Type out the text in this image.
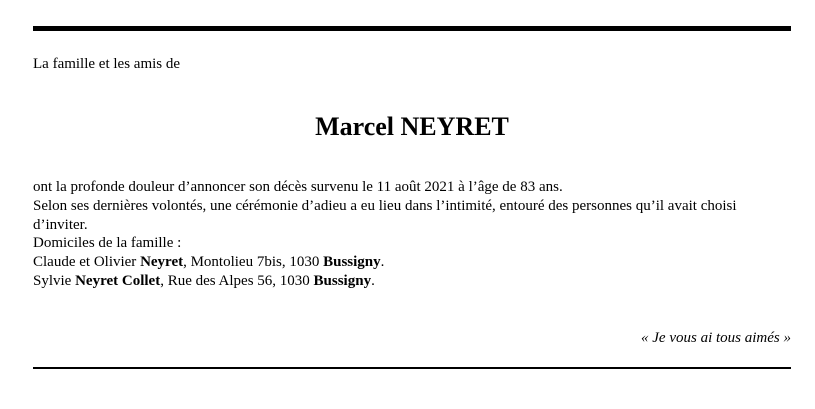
La famille et les amis de
Marcel NEYRET
ont la profonde douleur d’annoncer son décès survenu le 11 août 2021 à l’âge de 83 ans.
Selon ses dernières volontés, une cérémonie d’adieu a eu lieu dans l’intimité, entouré des personnes qu’il avait choisi d’inviter.
Domiciles de la famille :
Claude et Olivier Neyret, Montolieu 7bis, 1030 Bussigny.
Sylvie Neyret Collet, Rue des Alpes 56, 1030 Bussigny.
« Je vous ai tous aimés »
